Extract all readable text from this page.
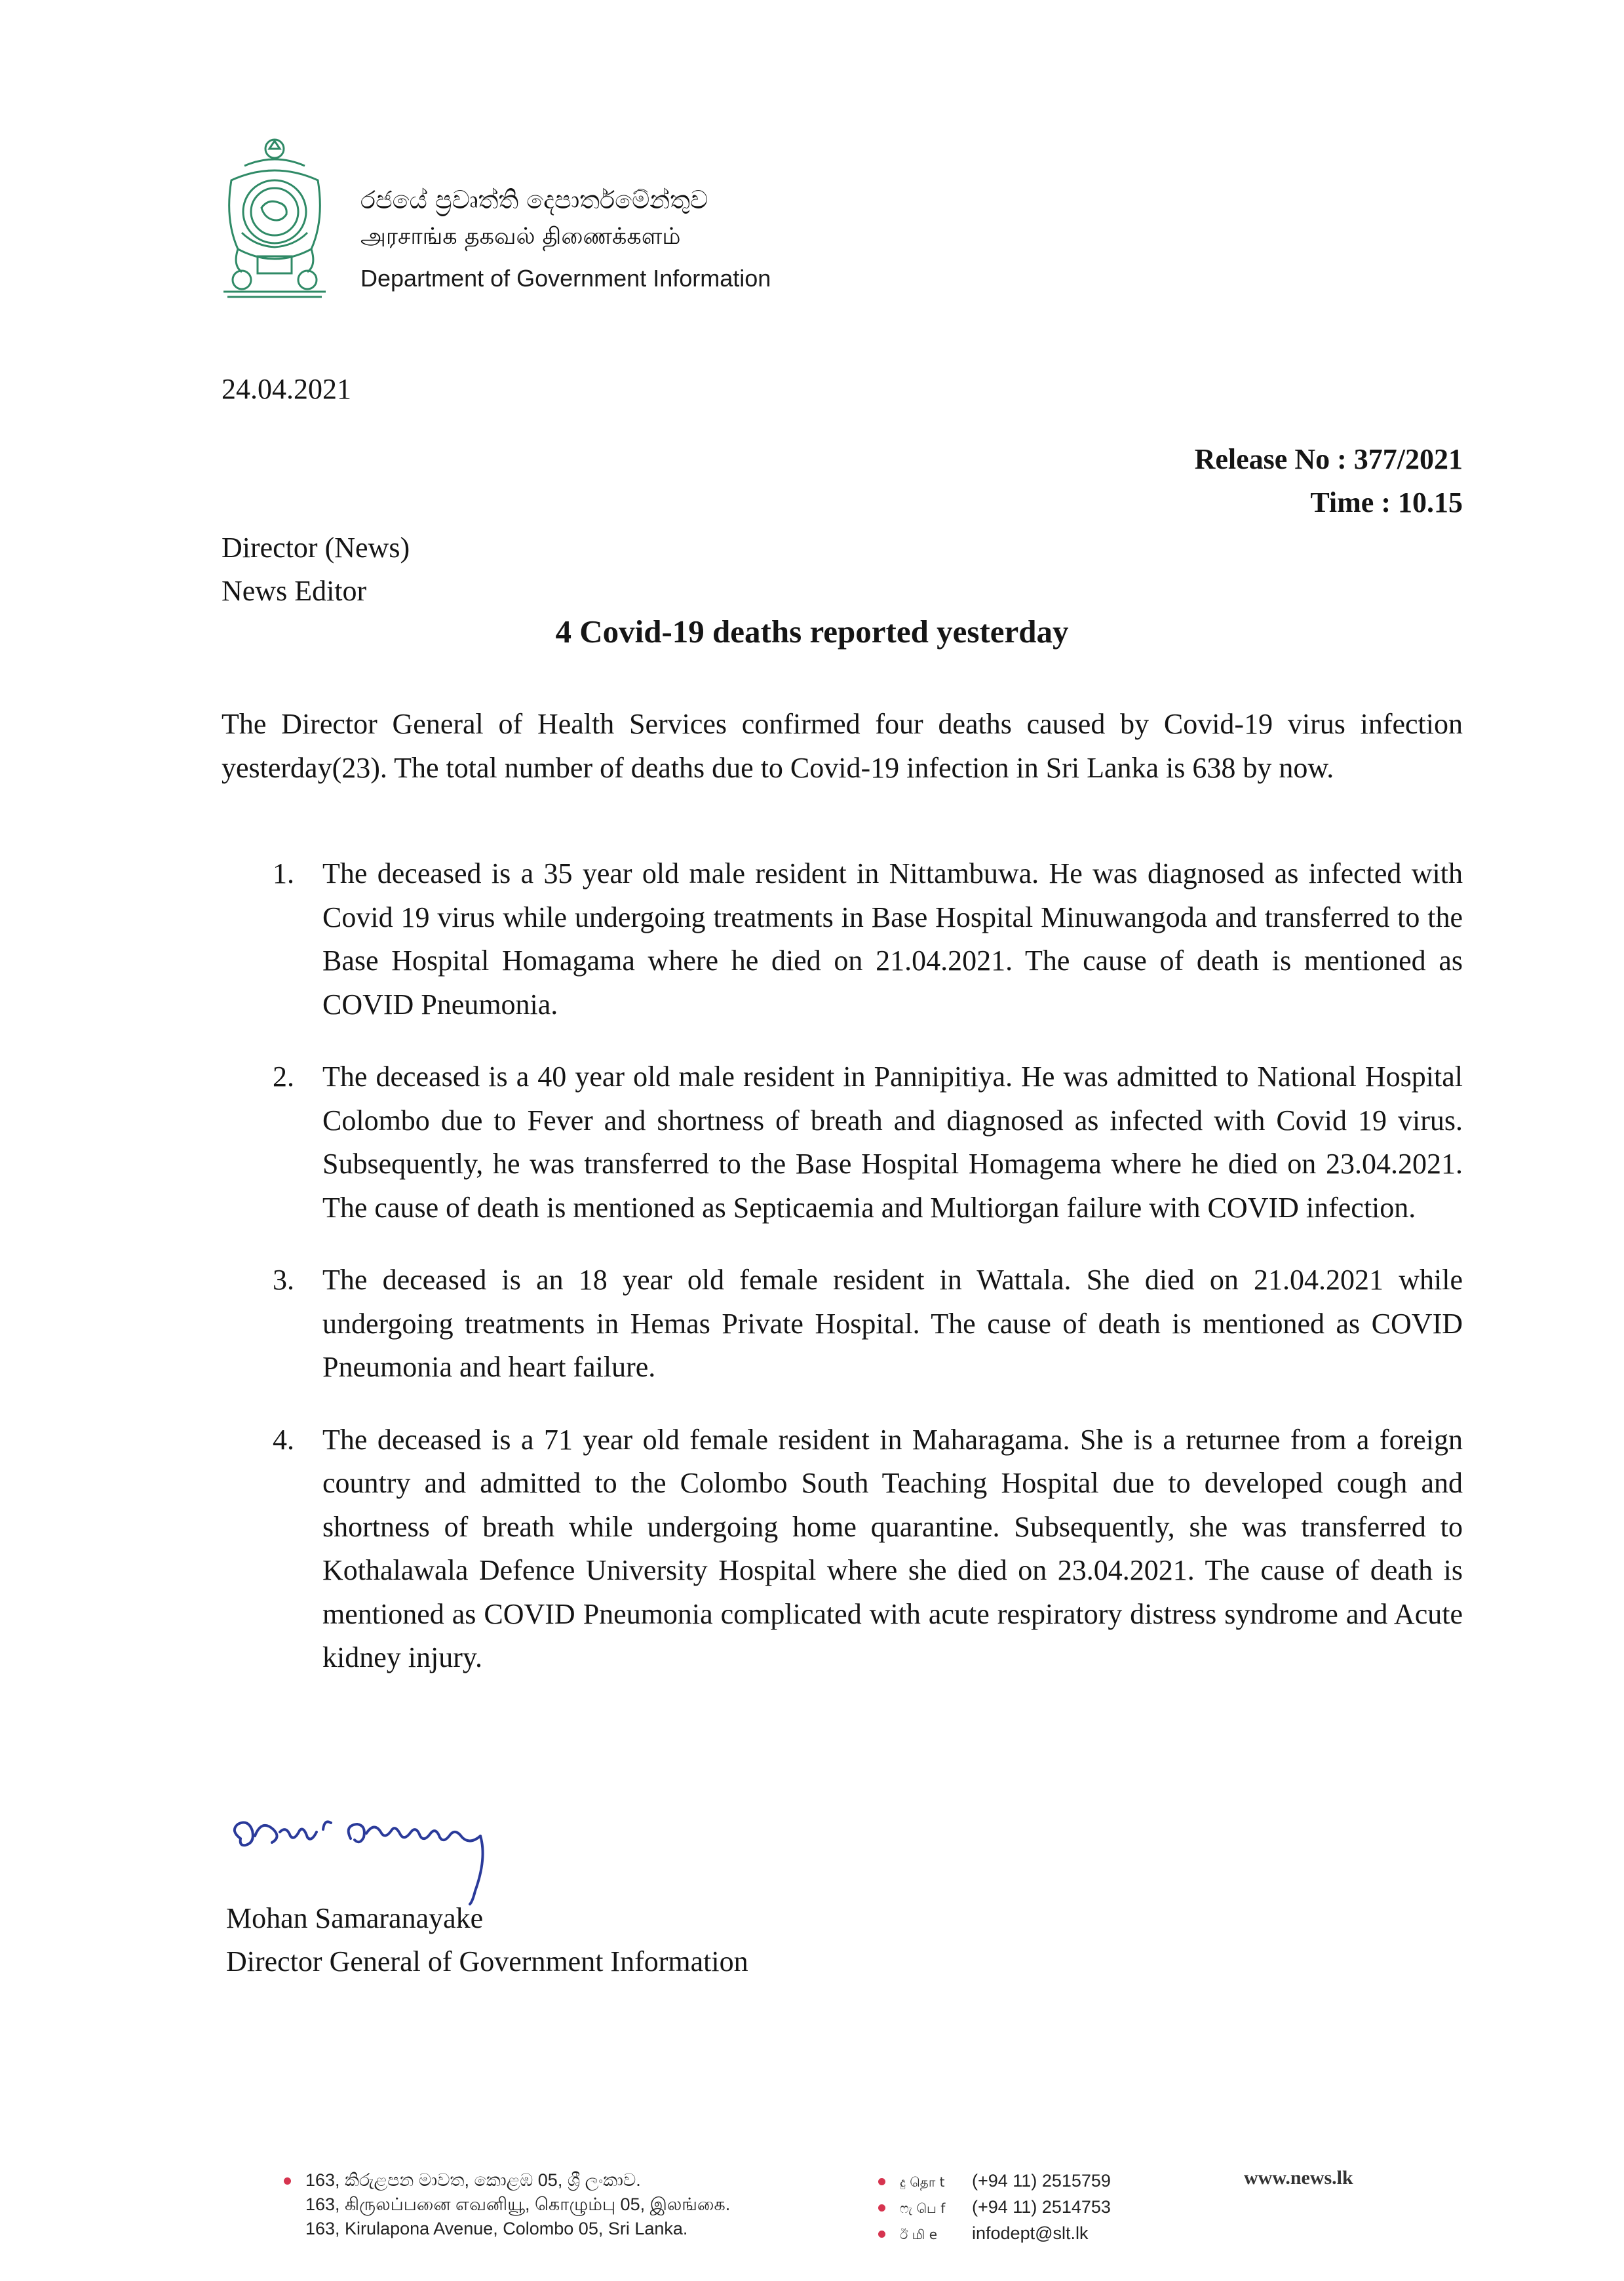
රජයේ ප්‍රවෘත්ති දෙපාර්තමේන්තුව
அரசாங்க தகவல் திணைக்களம்
Department of Government Information
24.04.2021
Release No : 377/2021
Time : 10.15
Director (News)
News Editor
4 Covid-19 deaths reported yesterday
The Director General of Health Services confirmed four deaths caused by Covid-19 virus infection yesterday(23). The total number of deaths due to Covid-19 infection in Sri Lanka is 638 by now.
1. The deceased is a 35 year old male resident in Nittambuwa. He was diagnosed as infected with Covid 19 virus while undergoing treatments in Base Hospital Minuwangoda and transferred to the Base Hospital Homagama where he died on 21.04.2021. The cause of death is mentioned as COVID Pneumonia.
2. The deceased is a 40 year old male resident in Pannipitiya. He was admitted to National Hospital Colombo due to Fever and shortness of breath and diagnosed as infected with Covid 19 virus. Subsequently, he was transferred to the Base Hospital Homagema where he died on 23.04.2021. The cause of death is mentioned as Septicaemia and Multiorgan failure with COVID infection.
3. The deceased is an 18 year old female resident in Wattala. She died on 21.04.2021 while undergoing treatments in Hemas Private Hospital. The cause of death is mentioned as COVID Pneumonia and heart failure.
4. The deceased is a 71 year old female resident in Maharagama. She is a returnee from a foreign country and admitted to the Colombo South Teaching Hospital due to developed cough and shortness of breath while undergoing home quarantine. Subsequently, she was transferred to Kothalawala Defence University Hospital where she died on 23.04.2021. The cause of death is mentioned as COVID Pneumonia complicated with acute respiratory distress syndrome and Acute kidney injury.
Mohan Samaranayake
Director General of Government Information
163, කිරුළපන මාවත, කොළඹ 05, ශ්‍රී ලංකාව.
163, கிருலப்பனை எவனியூ, கொழும்பு 05, இலங்கை.
163, Kirulapona Avenue, Colombo 05, Sri Lanka.
දු தொ t (+94 11) 2515759
ෆැ பெ f (+94 11) 2514753
ඊ மி e infodept@slt.lk
www.news.lk
